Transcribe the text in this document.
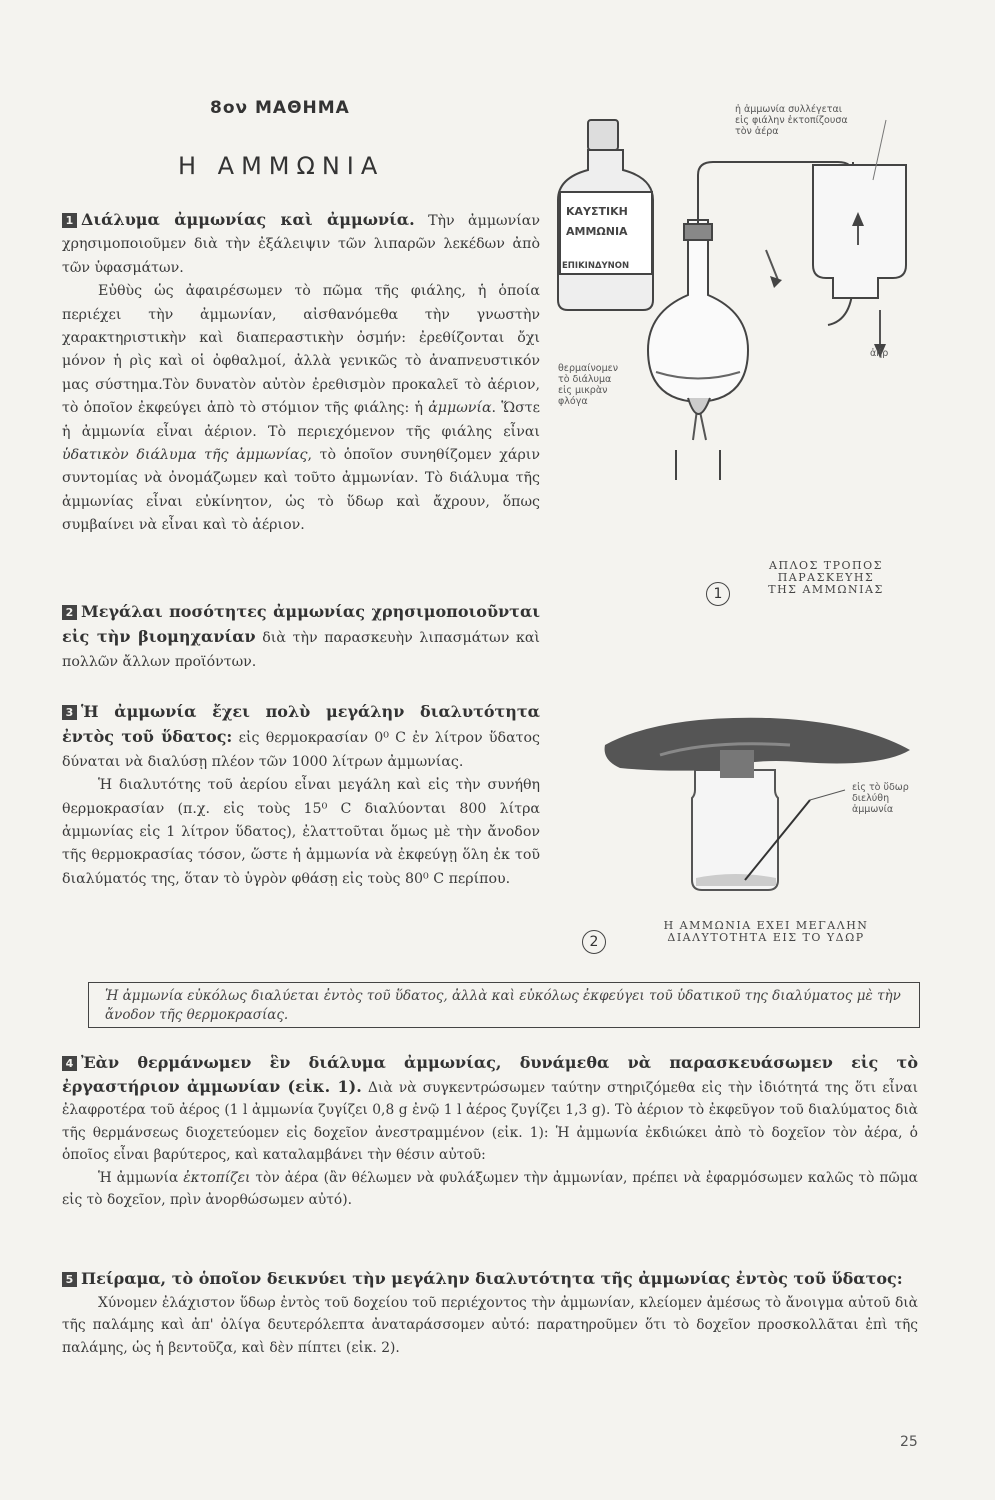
8ον ΜΑΘΗΜΑ
Η ΑΜΜΩΝΙΑ

1 Διάλυμα ἀμμωνίας καὶ ἀμμωνία. Τὴν ἀμμωνίαν χρησιμοποιοῦμεν διὰ τὴν ἐξάλειψιν τῶν λιπαρῶν λεκέδων ἀπὸ τῶν ὑφασμάτων.

Εὐθὺς ὡς ἀφαιρέσωμεν τὸ πῶμα τῆς φιάλης, ἡ ὁποία περιέχει τὴν ἀμμωνίαν, αἰσθανόμεθα τὴν γνωστὴν χαρακτηριστικὴν καὶ διαπεραστικὴν ὀσμήν: ἐρεθίζονται ὄχι μόνον ἡ ρὶς καὶ οἱ ὀφθαλμοί, ἀλλὰ γενικῶς τὸ ἀναπνευστικόν μας σύστημα.Τὸν δυνατὸν αὐτὸν ἐρεθισμὸν προκαλεῖ τὸ ἀέριον, τὸ ὁποῖον ἐκφεύγει ἀπὸ τὸ στόμιον τῆς φιάλης: ἡ ἀμμωνία. Ὥστε ἡ ἀμμωνία εἶναι ἀέριον. Τὸ περιεχόμενον τῆς φιάλης εἶναι ὑδατικὸν διάλυμα τῆς ἀμμωνίας, τὸ ὁποῖον συνηθίζομεν χάριν συντομίας νὰ ὀνομάζωμεν καὶ τοῦτο ἀμμωνίαν. Τὸ διάλυμα τῆς ἀμμωνίας εἶναι εὐκίνητον, ὡς τὸ ὕδωρ καὶ ἄχρουν, ὅπως συμβαίνει νὰ εἶναι καὶ τὸ ἀέριον.

2 Μεγάλαι ποσότητες ἀμμωνίας χρησιμοποιοῦνται εἰς τὴν βιομηχανίαν διὰ τὴν παρασκευὴν λιπασμάτων καὶ πολλῶν ἄλλων προϊόντων.

3 Ἡ ἀμμωνία ἔχει πολὺ μεγάλην διαλυτότητα ἐντὸς τοῦ ὕδατος: εἰς θερμοκρασίαν 0⁰ C ἐν λίτρον ὕδατος δύναται νὰ διαλύσῃ πλέον τῶν 1000 λίτρων ἀμμωνίας.

Ἡ διαλυτότης τοῦ ἀερίου εἶναι μεγάλη καὶ εἰς τὴν συνήθη θερμοκρασίαν (π.χ. εἰς τοὺς 15⁰ C διαλύονται 800 λίτρα ἀμμωνίας εἰς 1 λίτρον ὕδατος), ἐλαττοῦται ὅμως μὲ τὴν ἄνοδον τῆς θερμοκρασίας τόσον, ὥστε ἡ ἀμμωνία νὰ ἐκφεύγῃ ὅλη ἐκ τοῦ διαλύματός της, ὅταν τὸ ὑγρὸν φθάσῃ εἰς τοὺς 80⁰ C περίπου.

ΚΑΥΣΤΙΚΗ
ΑΜΜΩΝΙΑ
ΕΠΙΚΙΝΔΥΝΟΝ
ἡ ἀμμωνία συλλέγεται
εἰς φιάλην ἐκτοπίζουσα
τὸν ἀέρα
ἀήρ
θερμαίνομεν
τὸ διάλυμα
εἰς μικρὰν
φλόγα
1
ΑΠΛΟΣ ΤΡΟΠΟΣ
ΠΑΡΑΣΚΕΥΗΣ
ΤΗΣ ΑΜΜΩΝΙΑΣ
εἰς τὸ ὕδωρ
διελύθη
ἀμμωνία
2
Η ΑΜΜΩΝΙΑ ΕΧΕΙ ΜΕΓΑΛΗΝ
ΔΙΑΛΥΤΟΤΗΤΑ ΕΙΣ ΤΟ ΥΔΩΡ
Ἡ ἀμμωνία εὐκόλως διαλύεται ἐντὸς τοῦ ὕδατος, ἀλλὰ καὶ εὐκόλως ἐκφεύγει τοῦ ὑδατικοῦ της διαλύματος μὲ τὴν ἄνοδον τῆς θερμοκρασίας.

4 Ἐὰν θερμάνωμεν ἓν διάλυμα ἀμμωνίας, δυνάμεθα νὰ παρασκευάσωμεν εἰς τὸ ἐργαστήριον ἀμμωνίαν (εἰκ. 1). Διὰ νὰ συγκεντρώσωμεν ταύτην στηριζόμεθα εἰς τὴν ἰδιότητά της ὅτι εἶναι ἐλαφροτέρα τοῦ ἀέρος (1 l ἀμμωνία ζυγίζει 0,8 g ἐνῷ 1 l ἀέρος ζυγίζει 1,3 g). Τὸ ἀέριον τὸ ἐκφεῦγον τοῦ διαλύματος διὰ τῆς θερμάνσεως διοχετεύομεν εἰς δοχεῖον ἀνεστραμμένον (εἰκ. 1): Ἡ ἀμμωνία ἐκδιώκει ἀπὸ τὸ δοχεῖον τὸν ἀέρα, ὁ ὁποῖος εἶναι βαρύτερος, καὶ καταλαμβάνει τὴν θέσιν αὐτοῦ:

Ἡ ἀμμωνία ἐκτοπίζει τὸν ἀέρα (ἂν θέλωμεν νὰ φυλάξωμεν τὴν ἀμμωνίαν, πρέπει νὰ ἐφαρμόσωμεν καλῶς τὸ πῶμα εἰς τὸ δοχεῖον, πρὶν ἀνορθώσωμεν αὐτό).

5 Πείραμα, τὸ ὁποῖον δεικνύει τὴν μεγάλην διαλυτότητα τῆς ἀμμωνίας ἐντὸς τοῦ ὕδατος:

Χύνομεν ἐλάχιστον ὕδωρ ἐντὸς τοῦ δοχείου τοῦ περιέχοντος τὴν ἀμμωνίαν, κλείομεν ἀμέσως τὸ ἄνοιγμα αὐτοῦ διὰ τῆς παλάμης καὶ ἀπ' ὀλίγα δευτερόλεπτα ἀναταράσσομεν αὐτό: παρατηροῦμεν ὅτι τὸ δοχεῖον προσκολλᾶται ἐπὶ τῆς παλάμης, ὡς ἡ βεντοῦζα, καὶ δὲν πίπτει (εἰκ. 2).

25
